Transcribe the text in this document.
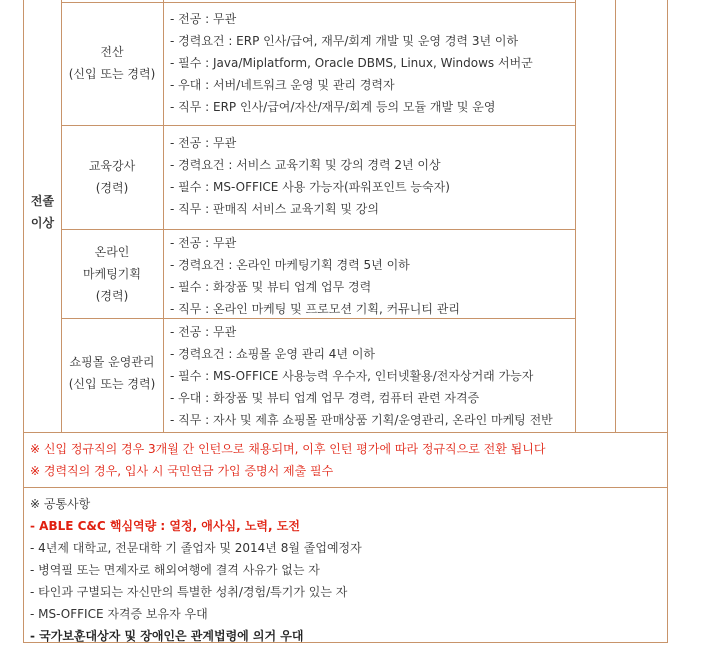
전졸
이상
전산
(신입 또는 경력)
- 전공 : 무관
- 경력요건 : ERP 인사/급여, 재무/회계 개발 및 운영 경력 3년 이하
- 필수 : Java/Miplatform, Oracle DBMS, Linux, Windows 서버군
- 우대 : 서버/네트워크 운영 및 관리 경력자
- 직무 : ERP 인사/급여/자산/재무/회계 등의 모듈 개발 및 운영
교육강사
(경력)
- 전공 : 무관
- 경력요건 : 서비스 교육기획 및 강의 경력 2년 이상
- 필수 : MS-OFFICE 사용 가능자(파워포인트 능숙자)
- 직무 : 판매직 서비스 교육기획 및 강의
온라인
마케팅기획
(경력)
- 전공 : 무관
- 경력요건 : 온라인 마케팅기획 경력 5년 이하
- 필수 : 화장품 및 뷰티 업계 업무 경력
- 직무 : 온라인 마케팅 및 프로모션 기획, 커뮤니티 관리
쇼핑몰 운영관리
(신입 또는 경력)
- 전공 : 무관
- 경력요건 : 쇼핑몰 운영 관리 4년 이하
- 필수 : MS-OFFICE 사용능력 우수자, 인터넷활용/전자상거래 가능자
- 우대 : 화장품 및 뷰티 업계 업무 경력, 컴퓨터 관련 자격증
- 직무 : 자사 및 제휴 쇼핑몰 판매상품 기획/운영관리, 온라인 마케팅 전반
※ 신입 정규직의 경우 3개월 간 인턴으로 채용되며, 이후 인턴 평가에 따라 정규직으로 전환 됩니다
※ 경력직의 경우, 입사 시 국민연금 가입 증명서 제출 필수
※ 공통사항
- ABLE C&C 핵심역량 : 열정, 애사심, 노력, 도전
- 4년제 대학교, 전문대학 기 졸업자 및 2014년 8월 졸업예정자
- 병역필 또는 면제자로 해외여행에 결격 사유가 없는 자
- 타인과 구별되는 자신만의 특별한 성취/경험/특기가 있는 자
- MS-OFFICE 자격증 보유자 우대
- 국가보훈대상자 및 장애인은 관계법령에 의거 우대
